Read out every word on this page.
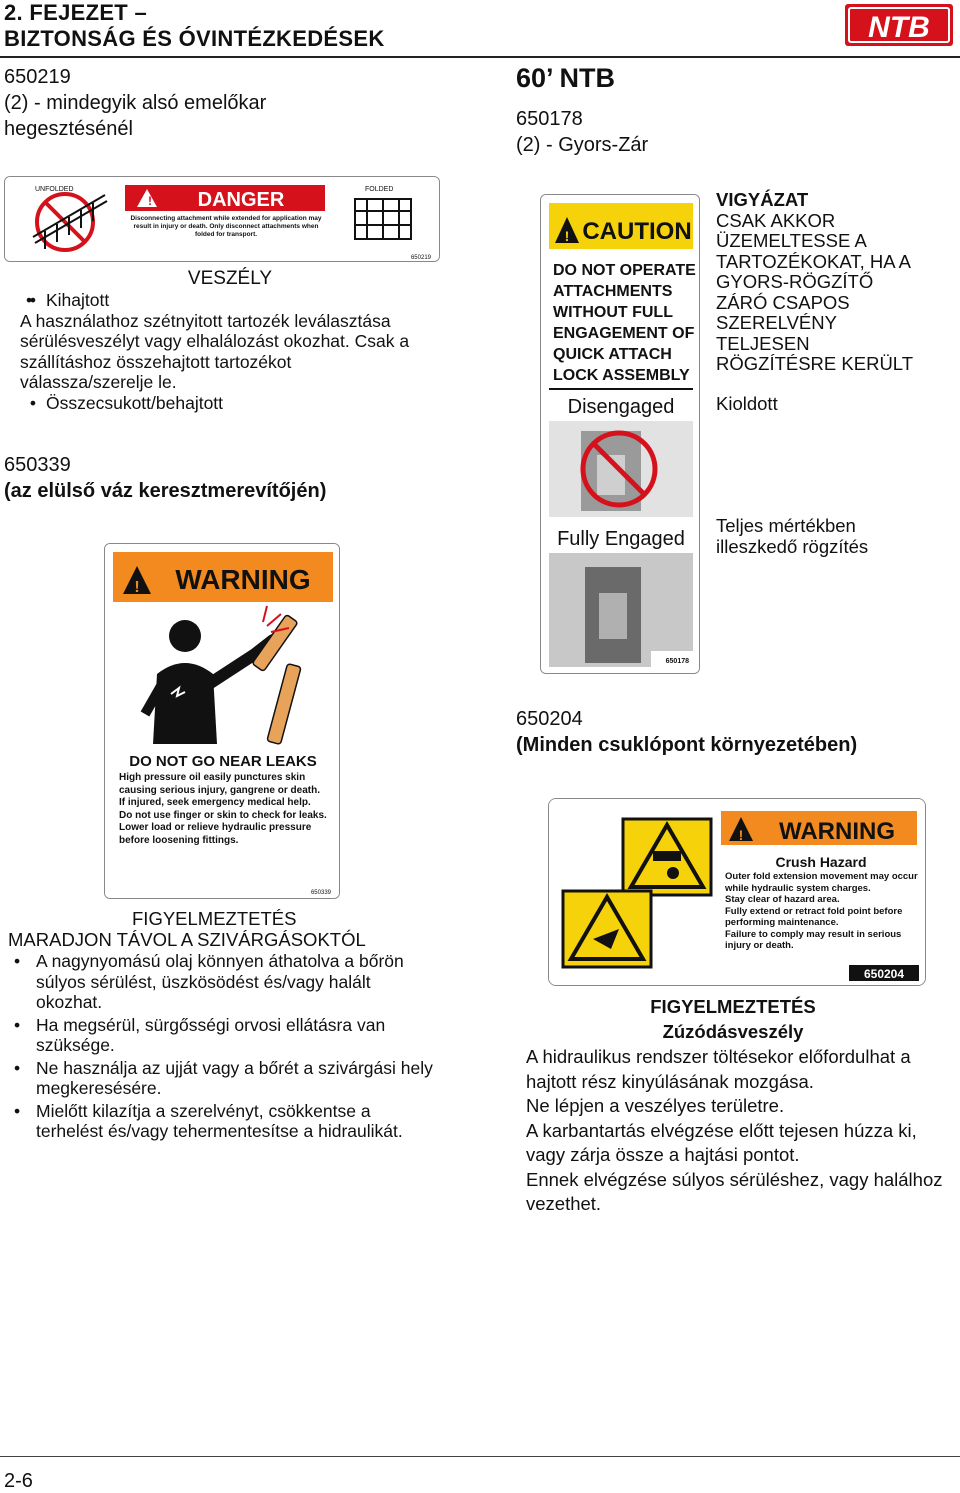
2. FEJEZET –
BIZTONSÁG ÉS ÓVINTÉZKEDÉSEK	NTB
650219
(2) - mindegyik alsó emelőkar
hegesztésénél
UNFOLDED
! DANGER
Disconnecting attachment while extended for application may result in injury or death. Only disconnect attachments when folded for transport.
FOLDED
650219
VESZÉLY
• • Kihajtott
A használathoz szétnyitott tartozék leválasztása sérülésveszélyt vagy elhalálozást okozhat. Csak a szállításhoz összehajtott tartozékot válassza/szerelje le.
• Összecsukott/behajtott
60’ NTB
650178
(2) - Gyors-Zár
! CAUTION
DO NOT OPERATE
ATTACHMENTS
WITHOUT FULL
ENGAGEMENT OF
QUICK ATTACH
LOCK ASSEMBLY
Disengaged
Fully Engaged
650178
VIGYÁZAT
CSAK AKKOR
ÜZEMELTESSE A
TARTOZÉKOKAT, HA A
GYORS-RÖGZÍTŐ
ZÁRÓ CSAPOS
SZERELVÉNY
TELJESEN
RÖGZÍTÉSRE KERÜLT
Kioldott
Teljes mértékben
illeszkedő rögzítés
650339
(az elülső váz keresztmerevítőjén)
! WARNING
DO NOT GO NEAR LEAKS
High pressure oil easily punctures skin causing serious injury, gangrene or death.
If injured, seek emergency medical help.
Do not use finger or skin to check for leaks.
Lower load or relieve hydraulic pressure before loosening fittings.
650339
FIGYELMEZTETÉS
MARADJON TÁVOL A SZIVÁRGÁSOKTÓL
• A nagynyomású olaj könnyen áthatolva a bőrön súlyos sérülést, üszkösödést és/vagy halált okozhat.
• Ha megsérül, sürgősségi orvosi ellátásra van szüksége.
• Ne használja az ujját vagy a bőrét a szivárgási hely megkeresésére.
• Mielőtt kilazítja a szerelvényt, csökkentse a terhelést és/vagy tehermentesítse a hidraulikát.
650204
(Minden csuklópont környezetében)
! WARNING
Crush Hazard
Outer fold extension movement may occur while hydraulic system charges.
Stay clear of hazard area.
Fully extend or retract fold point before performing maintenance.
Failure to comply may result in serious injury or death.
650204
FIGYELMEZTETÉS
Zúzódásveszély
A hidraulikus rendszer töltésekor előfordulhat a hajtott rész kinyúlásának mozgása.
Ne lépjen a veszélyes területre.
A karbantartás elvégzése előtt tejesen húzza ki, vagy zárja össze a hajtási pontot.
Ennek elvégzése súlyos sérüléshez, vagy halálhoz vezethet.
2-6
